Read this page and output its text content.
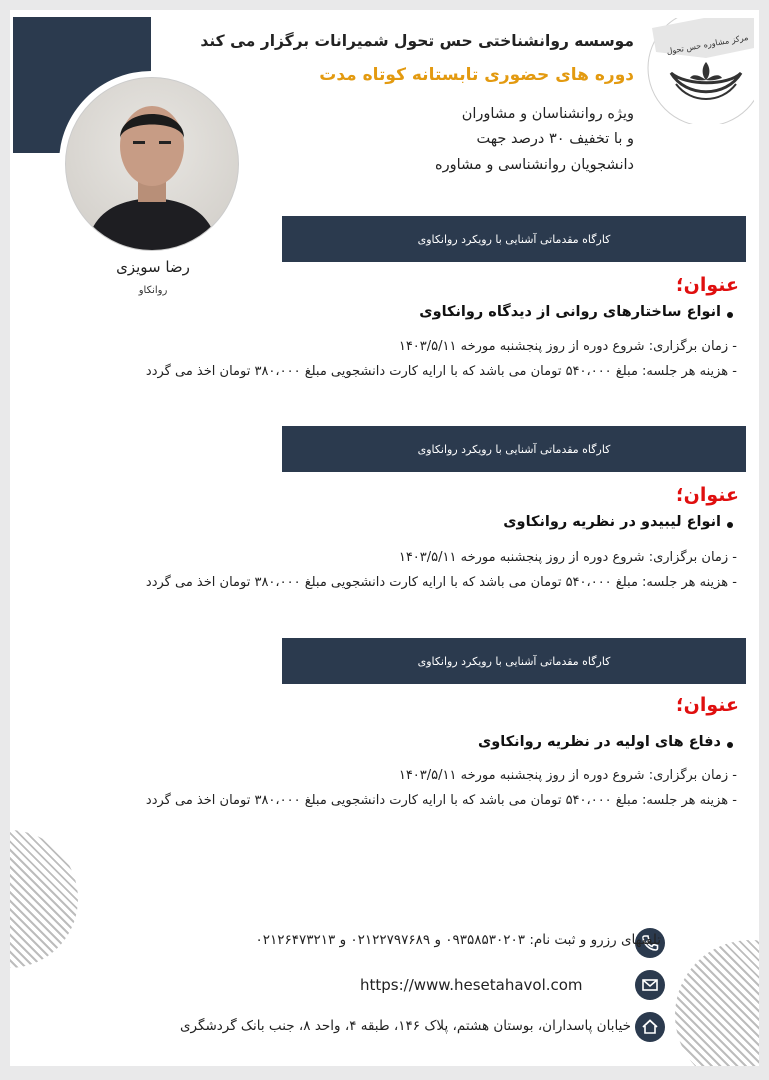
رضا سویزی
روانکاو
مرکز مشاوره حس تحول
موسسه روانشناختی حس تحول شمیرانات برگزار می کند
دوره های حضوری تابستانه کوتاه مدت
ویژه روانشناسان و مشاوران
و با تخفیف ۳۰ درصد جهت
دانشجویان روانشناسی و مشاوره
کارگاه مقدماتی آشنایی با رویکرد روانکاوی
عنوان؛
انواع ساختارهای روانی از دیدگاه روانکاوی
- زمان برگزاری: شروع دوره از روز پنجشنبه مورخه ۱۴۰۳/۵/۱۱
- هزینه هر جلسه: مبلغ ۵۴۰،۰۰۰ تومان می باشد که با ارایه کارت دانشجویی مبلغ ۳۸۰،۰۰۰ تومان اخذ می گردد
کارگاه مقدماتی آشنایی با رویکرد روانکاوی
عنوان؛
انواع لیبیدو در نظریه روانکاوی
- زمان برگزاری: شروع دوره از روز پنجشنبه مورخه ۱۴۰۳/۵/۱۱
- هزینه هر جلسه: مبلغ ۵۴۰،۰۰۰ تومان می باشد که با ارایه کارت دانشجویی مبلغ ۳۸۰،۰۰۰ تومان اخذ می گردد
کارگاه مقدماتی آشنایی با رویکرد روانکاوی
عنوان؛
دفاع های اولیه در نظریه روانکاوی
- زمان برگزاری: شروع دوره از روز پنجشنبه مورخه ۱۴۰۳/۵/۱۱
- هزینه هر جلسه: مبلغ ۵۴۰،۰۰۰ تومان می باشد که با ارایه کارت دانشجویی مبلغ ۳۸۰،۰۰۰ تومان اخذ می گردد
تلفنهای رزرو و ثبت نام: ۰۹۳۵۸۵۳۰۲۰۳ و ۰۲۱۲۲۷۹۷۶۸۹ و ۰۲۱۲۶۴۷۳۲۱۳
https://www.hesetahavol.com
خیابان پاسداران، بوستان هشتم، پلاک ۱۴۶، طبقه ۴، واحد ۸، جنب بانک گردشگری
